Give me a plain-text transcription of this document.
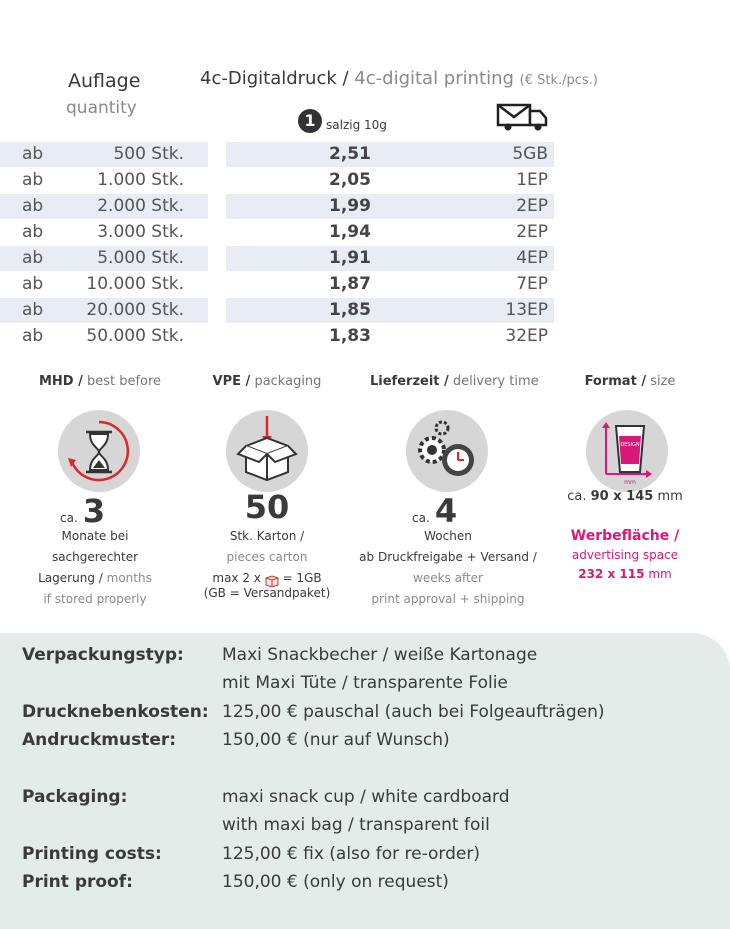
Auflage
quantity
4c-Digitaldruck / 4c-digital printing (€ Stk./pcs.)
1 salzig 10g
ab	500 Stk.	2,51	5GB
ab	1.000 Stk.	2,05	1EP
ab	2.000 Stk.	1,99	2EP
ab	3.000 Stk.	1,94	2EP
ab	5.000 Stk.	1,91	4EP
ab	10.000 Stk.	1,87	7EP
ab	20.000 Stk.	1,85	13EP
ab	50.000 Stk.	1,83	32EP
MHD / best before
ca. 3
Monate bei
sachgerechter
Lagerung / months
if stored properly
VPE / packaging
50
Stk. Karton /
pieces carton
max 2 x = 1GB
(GB = Versandpaket)
Lieferzeit / delivery time
ca. 4
Wochen
ab Druckfreigabe + Versand /
weeks after
print approval + shipping
Format / size
DESIGN
mm
ca. 90 x 145 mm
Werbefläche /
advertising space
232 x 115 mm
Verpackungstyp: Maxi Snackbecher / weiße Kartonage
mit Maxi Tüte / transparente Folie
Drucknebenkosten: 125,00 € pauschal (auch bei Folgeaufträgen)
Andruckmuster:	150,00 € (nur auf Wunsch)
Packaging:	maxi snack cup / white cardboard
with maxi bag / transparent foil
Printing costs:	125,00 € fix (also for re-order)
Print proof:	150,00 € (only on request)
